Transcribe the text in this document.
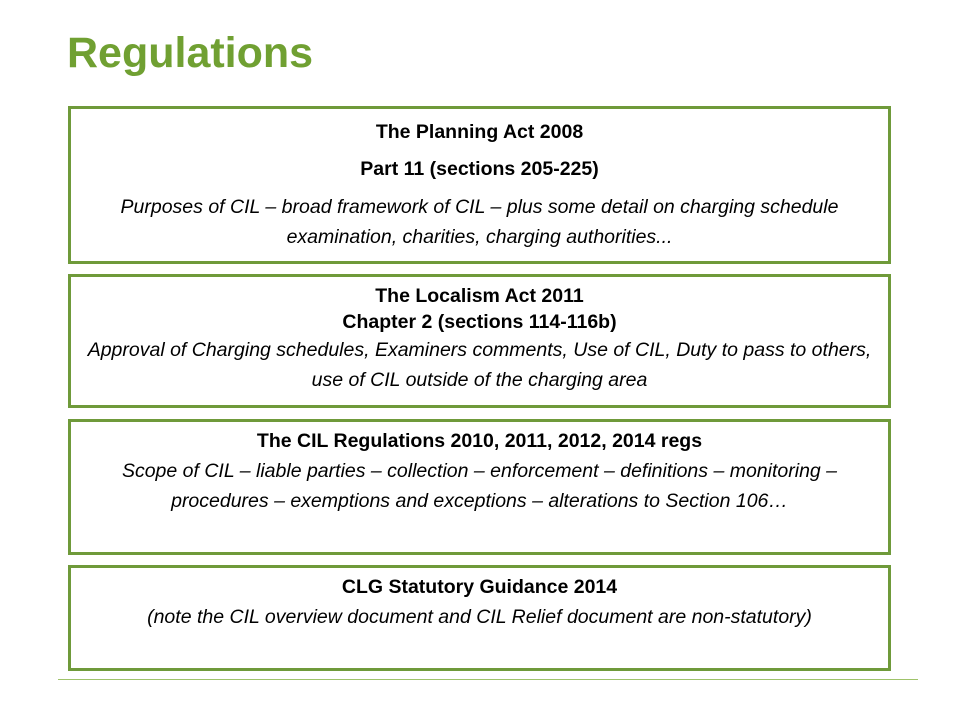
Regulations

The Planning Act 2008

Part 11 (sections 205-225)

Purposes of CIL – broad framework of CIL – plus some detail on charging schedule examination, charities, charging authorities...

The Localism Act 2011

Chapter 2 (sections 114-116b)

Approval of Charging schedules, Examiners comments, Use of CIL, Duty to pass to others, use of CIL outside of the charging area

The CIL Regulations 2010, 2011, 2012, 2014 regs

Scope of CIL – liable parties – collection – enforcement – definitions – monitoring – procedures – exemptions and exceptions – alterations to Section 106…

CLG Statutory Guidance 2014

(note the CIL overview document and CIL Relief document are non-statutory)
